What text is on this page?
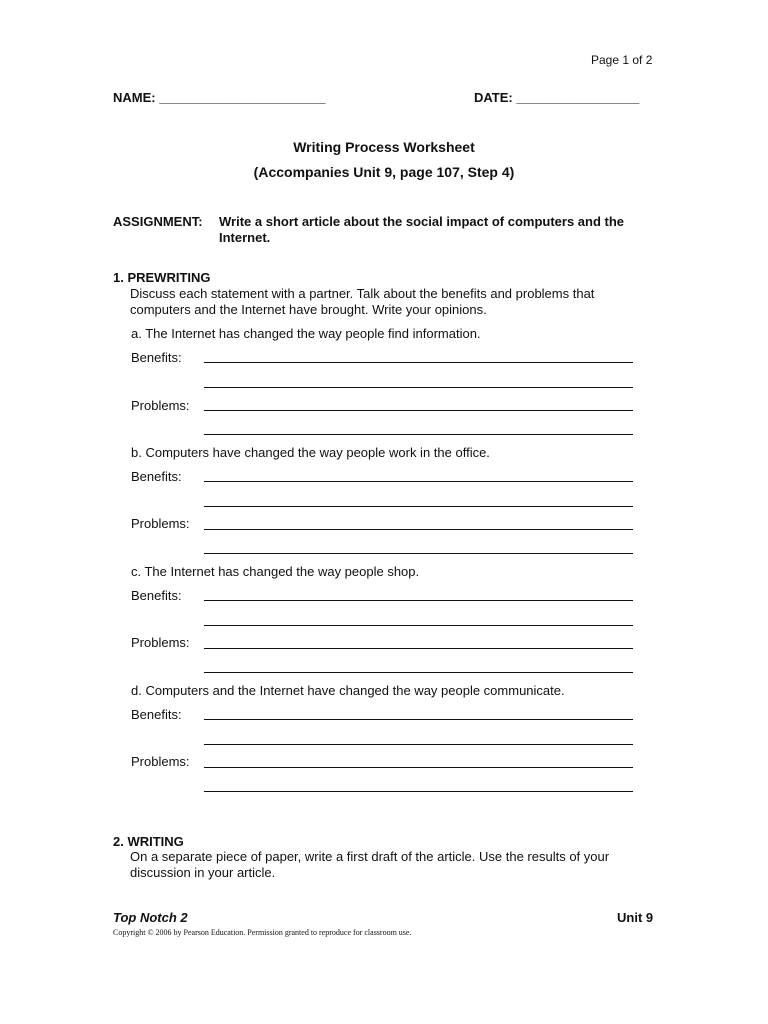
Page 1 of 2
NAME: _______________________	DATE: _________________
Writing Process Worksheet
(Accompanies Unit 9, page 107, Step 4)
ASSIGNMENT: Write a short article about the social impact of computers and the
Internet.
1. PREWRITING
Discuss each statement with a partner. Talk about the benefits and problems that
computers and the Internet have brought. Write your opinions.
a. The Internet has changed the way people find information.
Benefits:
Problems:
b. Computers have changed the way people work in the office.
Benefits:
Problems:
c. The Internet has changed the way people shop.
Benefits:
Problems:
d. Computers and the Internet have changed the way people communicate.
Benefits:
Problems:
2. WRITING
On a separate piece of paper, write a first draft of the article. Use the results of your
discussion in your article.
Top Notch 2	Unit 9
Copyright © 2006 by Pearson Education. Permission granted to reproduce for classroom use.
